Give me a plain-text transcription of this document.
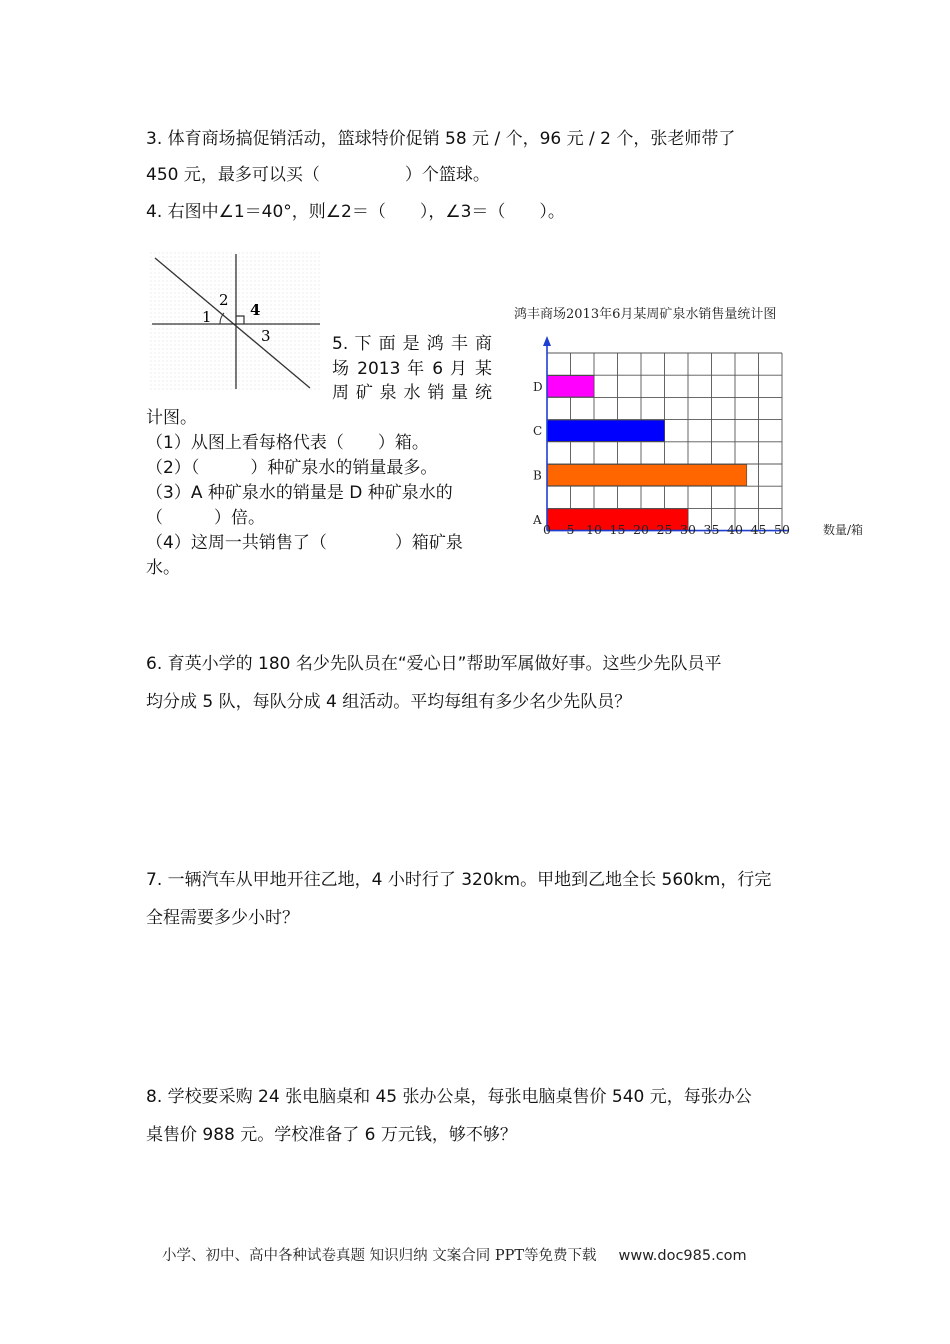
3. 体育商场搞促销活动，篮球特价促销 58 元 / 个，96 元 / 2 个，张老师带了
450 元，最多可以买（　　　　　）个篮球。
4. 右图中∠1＝40°，则∠2＝（　　），∠3＝（　　）。
1
2
3
4
5. 下 面 是 鸿 丰 商
场 2013 年 6 月 某
周 矿 泉 水 销 量 统
计图。
（1）从图上看每格代表（　　）箱。
（2）（　　　）种矿泉水的销量最多。
（3）A 种矿泉水的销量是 D 种矿泉水的
（　　　）倍。
（4）这周一共销售了（　　　　）箱矿泉
水。
鸿丰商场2013年6月某周矿泉水销售量统计图
D
C
B
A
0 5 10 15 20 25 30 35 40 45 50	数量/箱
6. 育英小学的 180 名少先队员在“爱心日”帮助军属做好事。这些少先队员平
均分成 5 队，每队分成 4 组活动。平均每组有多少名少先队员？
7. 一辆汽车从甲地开往乙地，4 小时行了 320km。甲地到乙地全长 560km，行完
全程需要多少小时？
8. 学校要采购 24 张电脑桌和 45 张办公桌，每张电脑桌售价 540 元，每张办公
桌售价 988 元。学校准备了 6 万元钱，够不够？
小学、初中、高中各种试卷真题 知识归纳 文案合同 PPT等免费下载 www.doc985.com
